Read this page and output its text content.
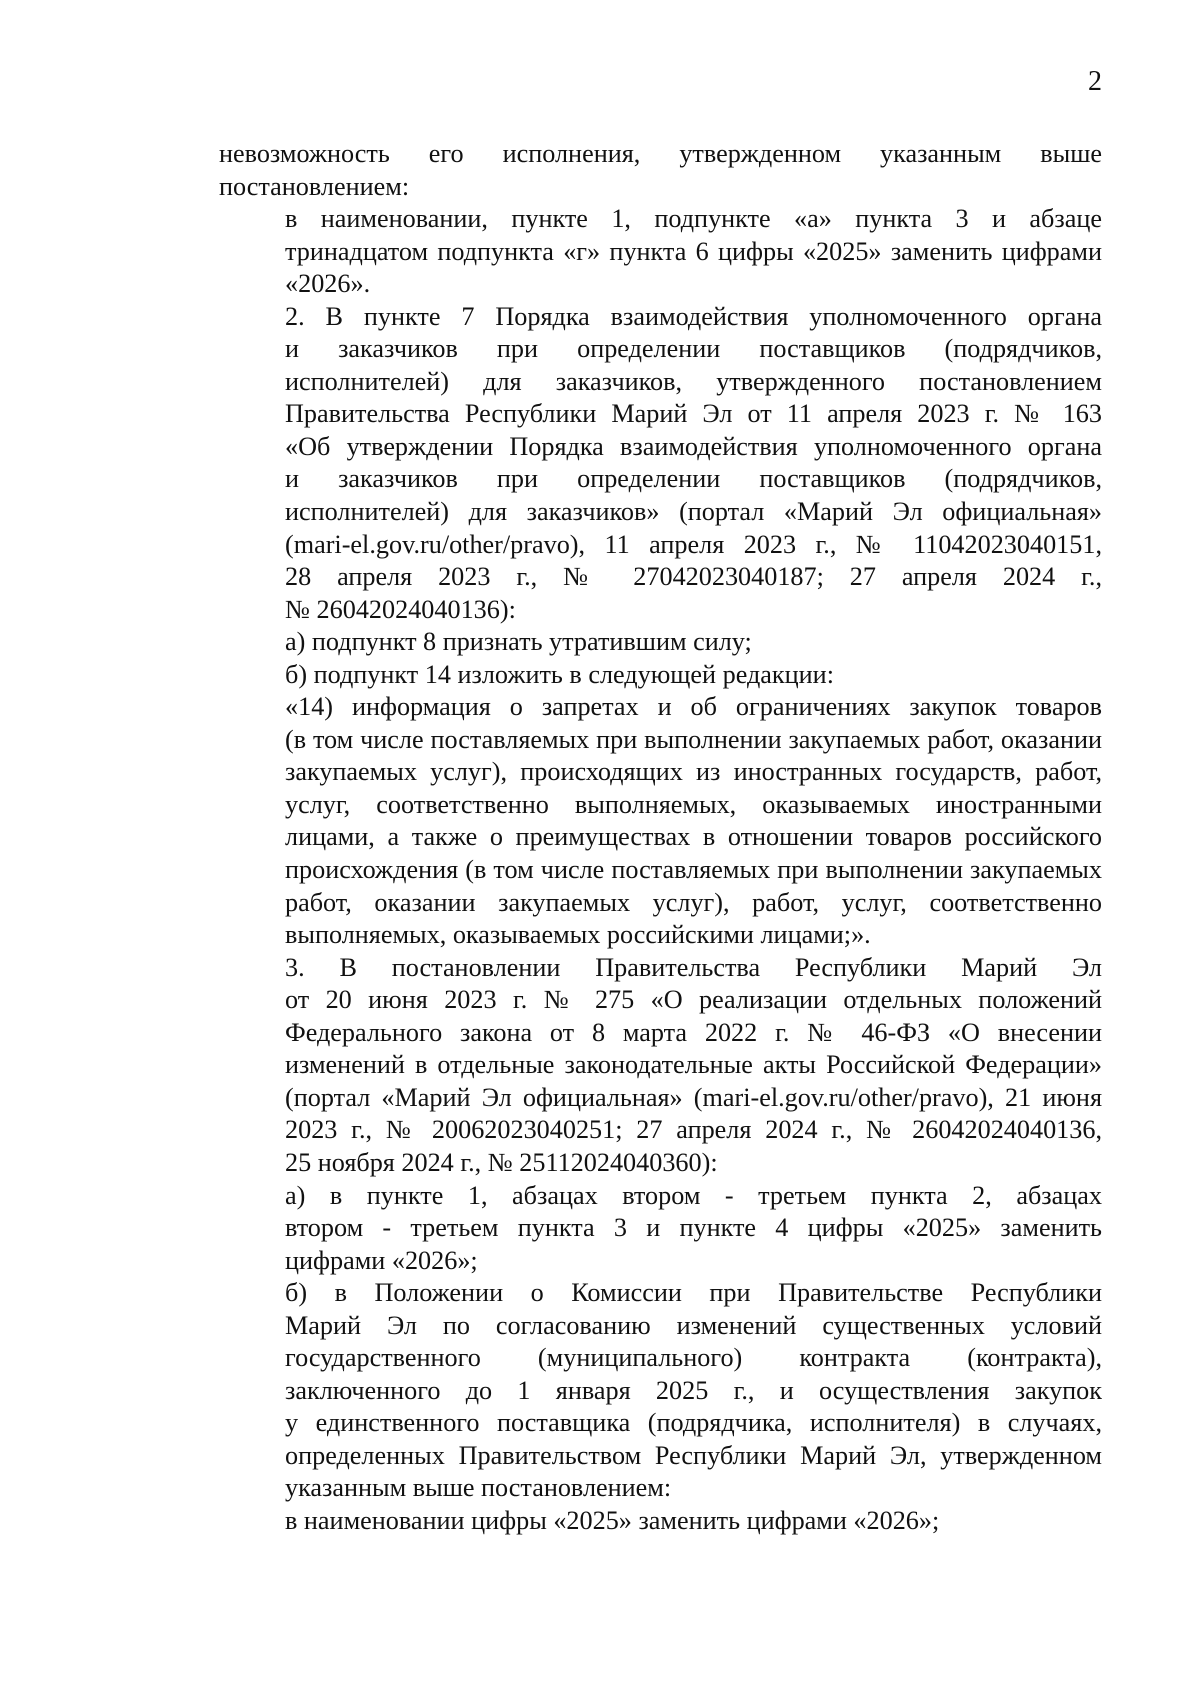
2
невозможность его исполнения, утвержденном указанным выше
постановлением:
в наименовании, пункте 1, подпункте «а» пункта 3 и абзаце
тринадцатом подпункта «г» пункта 6 цифры «2025» заменить цифрами
«2026».
2. В пункте 7 Порядка взаимодействия уполномоченного органа
и заказчиков при определении поставщиков (подрядчиков,
исполнителей) для заказчиков, утвержденного постановлением
Правительства Республики Марий Эл от 11 апреля 2023 г. № 163
«Об утверждении Порядка взаимодействия уполномоченного органа
и заказчиков при определении поставщиков (подрядчиков,
исполнителей) для заказчиков» (портал «Марий Эл официальная»
(mari-el.gov.ru/other/pravo), 11 апреля 2023 г., № 11042023040151,
28 апреля 2023 г., № 27042023040187; 27 апреля 2024 г.,
№ 26042024040136):
а) подпункт 8 признать утратившим силу;
б) подпункт 14 изложить в следующей редакции:
«14) информация о запретах и об ограничениях закупок товаров
(в том числе поставляемых при выполнении закупаемых работ, оказании
закупаемых услуг), происходящих из иностранных государств, работ,
услуг, соответственно выполняемых, оказываемых иностранными
лицами, а также о преимуществах в отношении товаров российского
происхождения (в том числе поставляемых при выполнении закупаемых
работ, оказании закупаемых услуг), работ, услуг, соответственно
выполняемых, оказываемых российскими лицами;».
3. В постановлении Правительства Республики Марий Эл
от 20 июня 2023 г. № 275 «О реализации отдельных положений
Федерального закона от 8 марта 2022 г. № 46-ФЗ «О внесении
изменений в отдельные законодательные акты Российской Федерации»
(портал «Марий Эл официальная» (mari-el.gov.ru/other/pravo), 21 июня
2023 г., № 20062023040251; 27 апреля 2024 г., № 26042024040136,
25 ноября 2024 г., № 25112024040360):
а) в пункте 1, абзацах втором - третьем пункта 2, абзацах
втором - третьем пункта 3 и пункте 4 цифры «2025» заменить
цифрами «2026»;
б) в Положении о Комиссии при Правительстве Республики
Марий Эл по согласованию изменений существенных условий
государственного (муниципального) контракта (контракта),
заключенного до 1 января 2025 г., и осуществления закупок
у единственного поставщика (подрядчика, исполнителя) в случаях,
определенных Правительством Республики Марий Эл, утвержденном
указанным выше постановлением:
в наименовании цифры «2025» заменить цифрами «2026»;
